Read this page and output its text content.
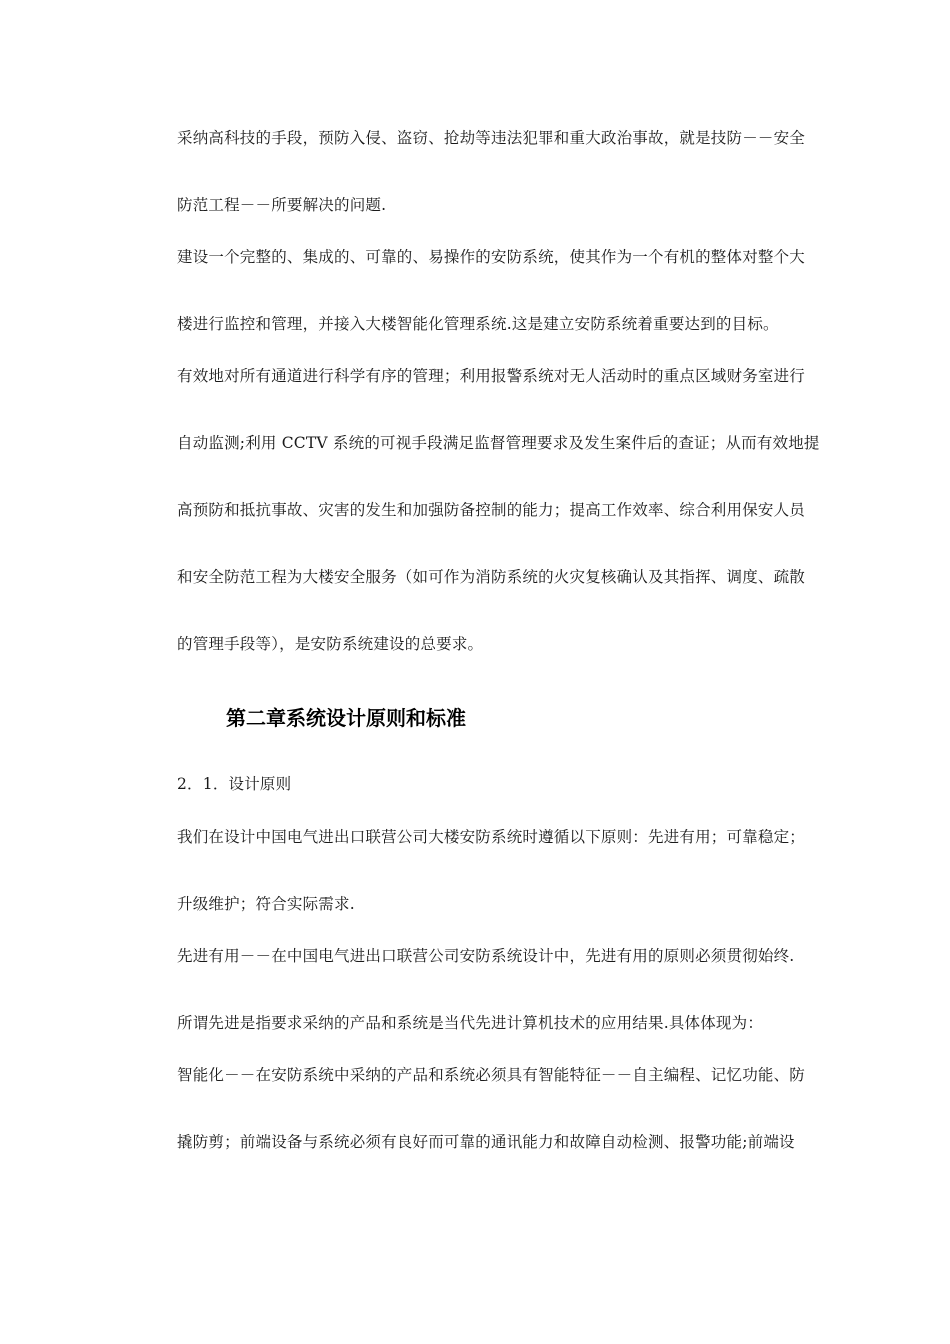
采纳高科技的手段，预防入侵、盗窃、抢劫等违法犯罪和重大政治事故，就是技防－－安全
防范工程－－所要解决的问题.
建设一个完整的、集成的、可靠的、易操作的安防系统，使其作为一个有机的整体对整个大
楼进行监控和管理，并接入大楼智能化管理系统.这是建立安防系统着重要达到的目标。
有效地对所有通道进行科学有序的管理；利用报警系统对无人活动时的重点区域财务室进行
自动监测;利用 CCTV 系统的可视手段满足监督管理要求及发生案件后的查证；从而有效地提
高预防和抵抗事故、灾害的发生和加强防备控制的能力；提高工作效率、综合利用保安人员
和安全防范工程为大楼安全服务（如可作为消防系统的火灾复核确认及其指挥、调度、疏散
的管理手段等），是安防系统建设的总要求。
第二章系统设计原则和标准
2．1．设计原则
我们在设计中国电气进出口联营公司大楼安防系统时遵循以下原则：先进有用；可靠稳定；
升级维护；符合实际需求.
先进有用－－在中国电气进出口联营公司安防系统设计中，先进有用的原则必须贯彻始终.
所谓先进是指要求采纳的产品和系统是当代先进计算机技术的应用结果.具体体现为：
智能化－－在安防系统中采纳的产品和系统必须具有智能特征－－自主编程、记忆功能、防
撬防剪；前端设备与系统必须有良好而可靠的通讯能力和故障自动检测、报警功能;前端设
